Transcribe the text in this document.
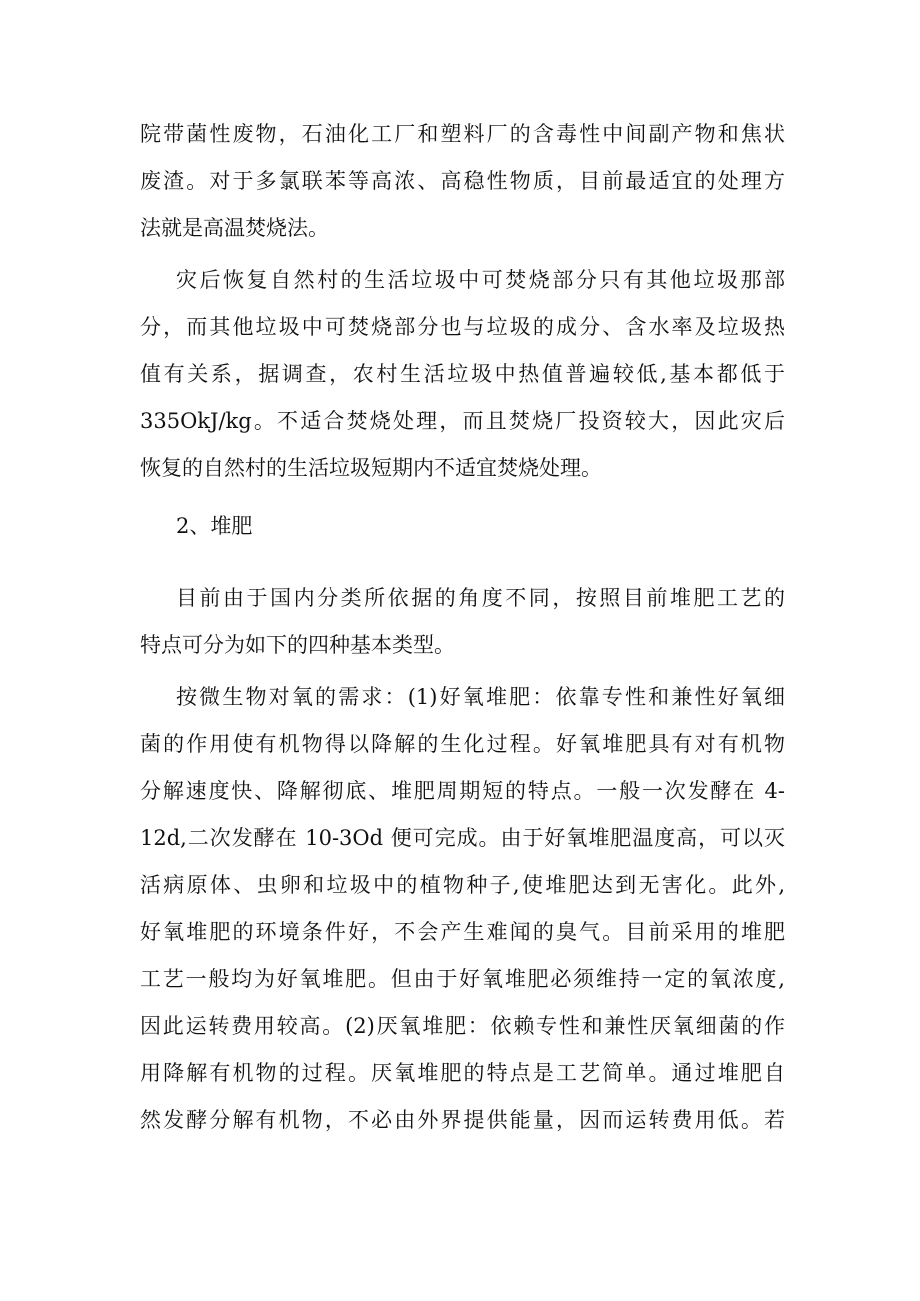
院带菌性废物，石油化工厂和塑料厂的含毒性中间副产物和焦状
废渣。对于多氯联苯等高浓、高稳性物质，目前最适宜的处理方
法就是高温焚烧法。
灾后恢复自然村的生活垃圾中可焚烧部分只有其他垃圾那部
分，而其他垃圾中可焚烧部分也与垃圾的成分、含水率及垃圾热
值有关系，据调查，农村生活垃圾中热值普遍较低,基本都低于
335OkJ/kg。不适合焚烧处理，而且焚烧厂投资较大，因此灾后
恢复的自然村的生活垃圾短期内不适宜焚烧处理。
2、堆肥
目前由于国内分类所依据的角度不同，按照目前堆肥工艺的
特点可分为如下的四种基本类型。
按微生物对氧的需求：(1)好氧堆肥：依靠专性和兼性好氧细
菌的作用使有机物得以降解的生化过程。好氧堆肥具有对有机物
分解速度快、降解彻底、堆肥周期短的特点。一般一次发酵在 4-
12d,二次发酵在 10-3Od 便可完成。由于好氧堆肥温度高，可以灭
活病原体、虫卵和垃圾中的植物种子,使堆肥达到无害化。此外,
好氧堆肥的环境条件好，不会产生难闻的臭气。目前采用的堆肥
工艺一般均为好氧堆肥。但由于好氧堆肥必须维持一定的氧浓度,
因此运转费用较高。(2)厌氧堆肥：依赖专性和兼性厌氧细菌的作
用降解有机物的过程。厌氧堆肥的特点是工艺简单。通过堆肥自
然发酵分解有机物，不必由外界提供能量，因而运转费用低。若
